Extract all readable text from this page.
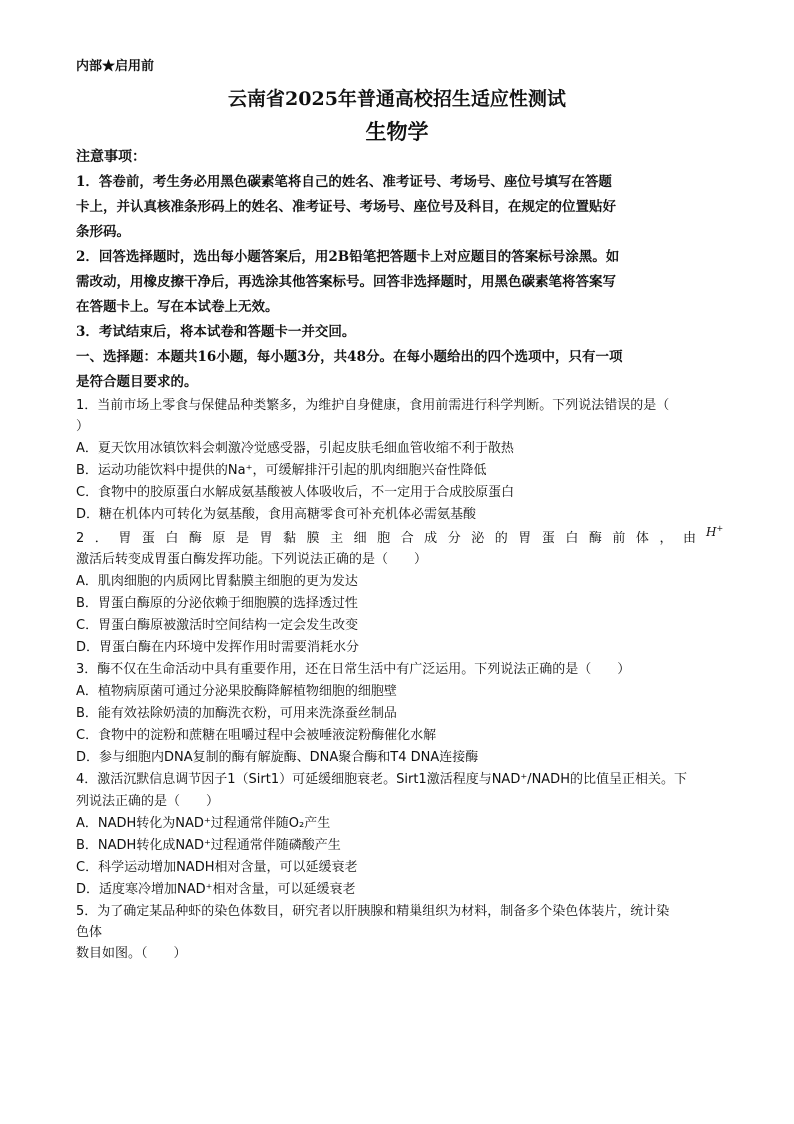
内部★启用前
云南省2025年普通高校招生适应性测试
生物学
注意事项：
1．答卷前，考生务必用黑色碳素笔将自己的姓名、准考证号、考场号、座位号填写在答题
卡上，并认真核准条形码上的姓名、准考证号、考场号、座位号及科目，在规定的位置贴好
条形码。
2．回答选择题时，选出每小题答案后，用2B铅笔把答题卡上对应题目的答案标号涂黑。如
需改动，用橡皮擦干净后，再选涂其他答案标号。回答非选择题时，用黑色碳素笔将答案写
在答题卡上。写在本试卷上无效。
3．考试结束后，将本试卷和答题卡一并交回。
一、选择题：本题共16小题，每小题3分，共48分。在每小题给出的四个选项中，只有一项
是符合题目要求的。
1．当前市场上零食与保健品种类繁多，为维护自身健康，食用前需进行科学判断。下列说法错误的是（
）
A．夏天饮用冰镇饮料会刺激冷觉感受器，引起皮肤毛细血管收缩不利于散热
B．运动功能饮料中提供的Na⁺，可缓解排汗引起的肌肉细胞兴奋性降低
C．食物中的胶原蛋白水解成氨基酸被人体吸收后，不一定用于合成胶原蛋白
D．糖在机体内可转化为氨基酸，食用高糖零食可补充机体必需氨基酸
2．胃蛋白酶原是胃黏膜主细胞合成分泌的胃蛋白酶前体，由 H+
激活后转变成胃蛋白酶发挥功能。下列说法正确的是（　　）
A．肌肉细胞的内质网比胃黏膜主细胞的更为发达
B．胃蛋白酶原的分泌依赖于细胞膜的选择透过性
C．胃蛋白酶原被激活时空间结构一定会发生改变
D．胃蛋白酶在内环境中发挥作用时需要消耗水分
3．酶不仅在生命活动中具有重要作用，还在日常生活中有广泛运用。下列说法正确的是（　　）
A．植物病原菌可通过分泌果胶酶降解植物细胞的细胞壁
B．能有效祛除奶渍的加酶洗衣粉，可用来洗涤蚕丝制品
C．食物中的淀粉和蔗糖在咀嚼过程中会被唾液淀粉酶催化水解
D．参与细胞内DNA复制的酶有解旋酶、DNA聚合酶和T4 DNA连接酶
4．激活沉默信息调节因子1（Sirt1）可延缓细胞衰老。Sirt1激活程度与NAD⁺/NADH的比值呈正相关。下
列说法正确的是（　　）
A．NADH转化为NAD⁺过程通常伴随O₂产生
B．NADH转化成NAD⁺过程通常伴随磷酸产生
C．科学运动增加NADH相对含量，可以延缓衰老
D．适度寒冷增加NAD⁺相对含量，可以延缓衰老
5．为了确定某品种虾的染色体数目，研究者以肝胰腺和精巢组织为材料，制备多个染色体装片，统计染
色体
数目如图。（　　）
